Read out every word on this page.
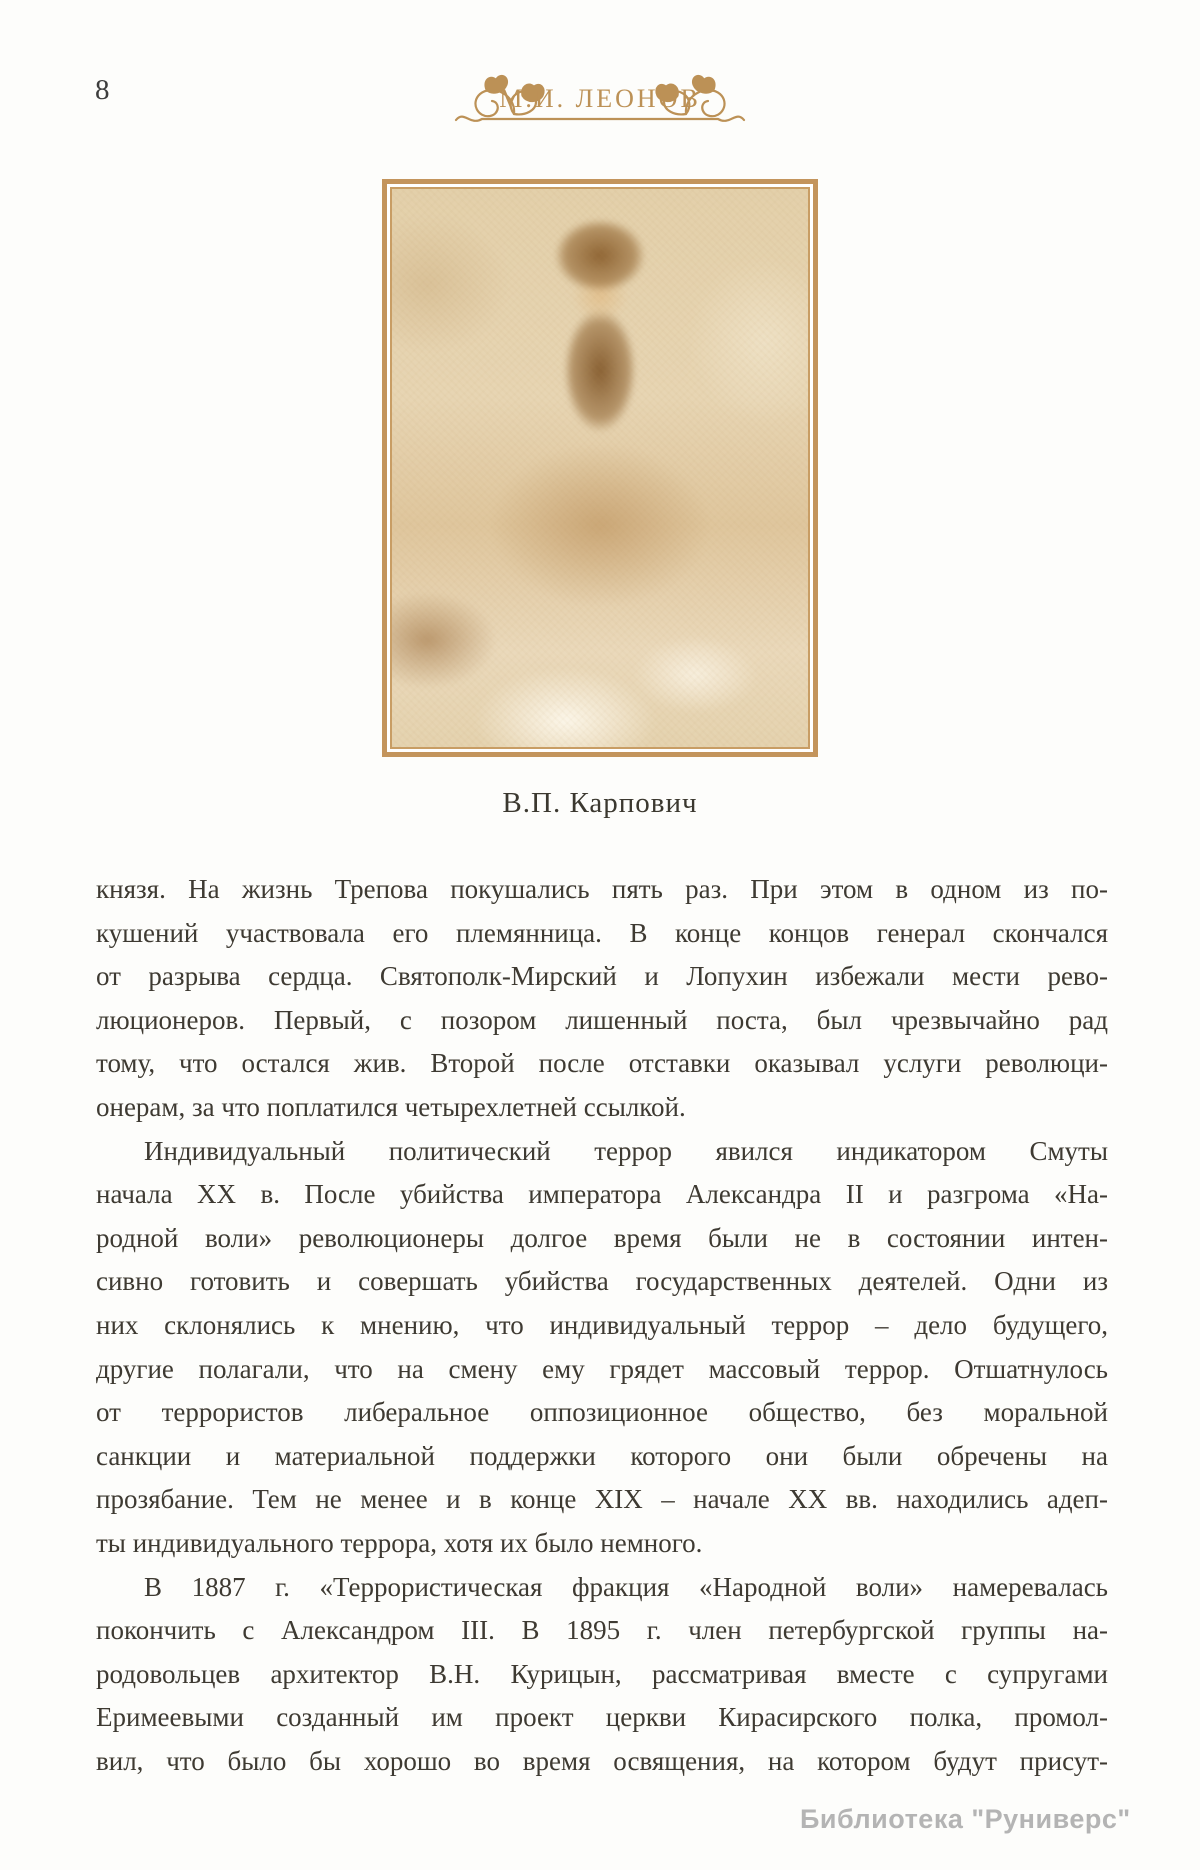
8	М.И. ЛЕОНОВ
В.П. Карпович
князя. На жизнь Трепова покушались пять раз. При этом в одном из по-
кушений участвовала его племянница. В конце концов генерал скончался
от разрыва сердца. Святополк-Мирский и Лопухин избежали мести рево-
люционеров. Первый, с позором лишенный поста, был чрезвычайно рад
тому, что остался жив. Второй после отставки оказывал услуги революци-
онерам, за что поплатился четырехлетней ссылкой.
Индивидуальный политический террор явился индикатором Смуты
начала XX в. После убийства императора Александра II и разгрома «На-
родной воли» революционеры долгое время были не в состоянии интен-
сивно готовить и совершать убийства государственных деятелей. Одни из
них склонялись к мнению, что индивидуальный террор – дело будущего,
другие полагали, что на смену ему грядет массовый террор. Отшатнулось
от террористов либеральное оппозиционное общество, без моральной
санкции и материальной поддержки которого они были обречены на
прозябание. Тем не менее и в конце XIX – начале XX вв. находились адеп-
ты индивидуального террора, хотя их было немного.
В 1887 г. «Террористическая фракция «Народной воли» намеревалась
покончить с Александром III. В 1895 г. член петербургской группы на-
родовольцев архитектор В.Н. Курицын, рассматривая вместе с супругами
Еримеевыми созданный им проект церкви Кирасирского полка, промол-
вил, что было бы хорошо во время освящения, на котором будут присут-
Библиотека "Руниверс"
